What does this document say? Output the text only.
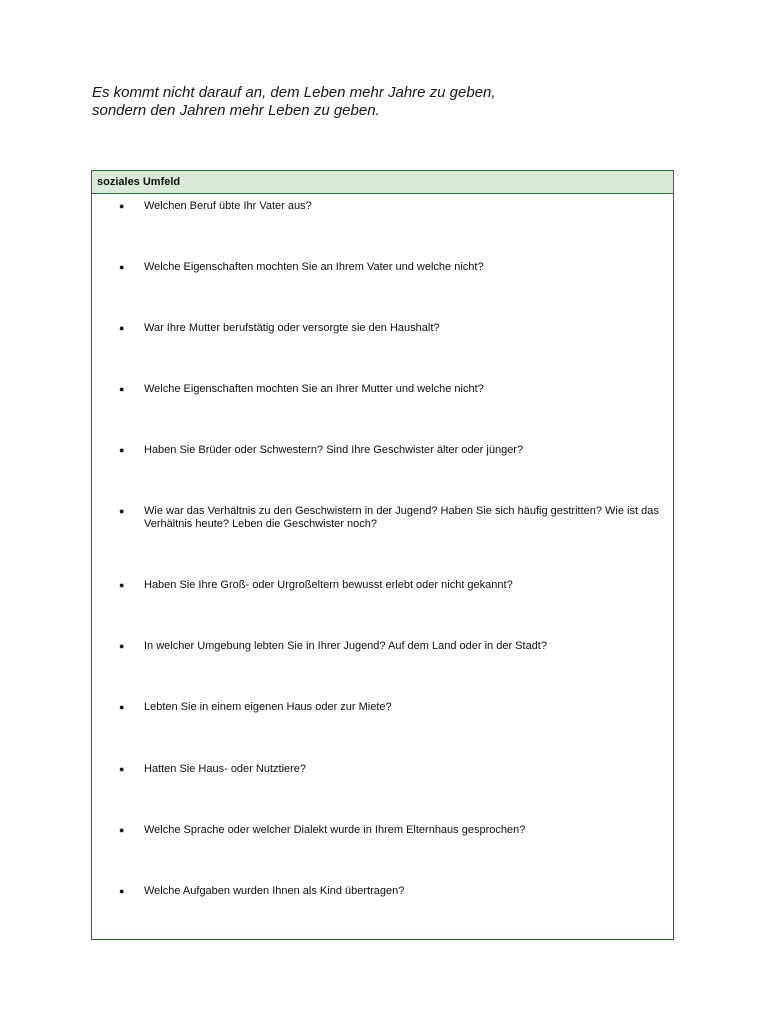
Es kommt nicht darauf an, dem Leben mehr Jahre zu geben,

sondern den Jahren mehr Leben zu geben.

soziales Umfeld
●	Welchen Beruf übte Ihr Vater aus?
●	Welche Eigenschaften mochten Sie an Ihrem Vater und welche nicht?
●	War Ihre Mutter berufstätig oder versorgte sie den Haushalt?
●	Welche Eigenschaften mochten Sie an Ihrer Mutter und welche nicht?
●	Haben Sie Brüder oder Schwestern? Sind Ihre Geschwister älter oder jünger?
●	Wie war das Verhältnis zu den Geschwistern in der Jugend? Haben Sie sich häufig gestritten? Wie ist das Verhältnis heute? Leben die Geschwister noch?
●	Haben Sie Ihre Groß- oder Urgroßeltern bewusst erlebt oder nicht gekannt?
●	In welcher Umgebung lebten Sie in Ihrer Jugend? Auf dem Land oder in der Stadt?
●	Lebten Sie in einem eigenen Haus oder zur Miete?
●	Hatten Sie Haus- oder Nutztiere?
●	Welche Sprache oder welcher Dialekt wurde in Ihrem Elternhaus gesprochen?
●	Welche Aufgaben wurden Ihnen als Kind übertragen?
